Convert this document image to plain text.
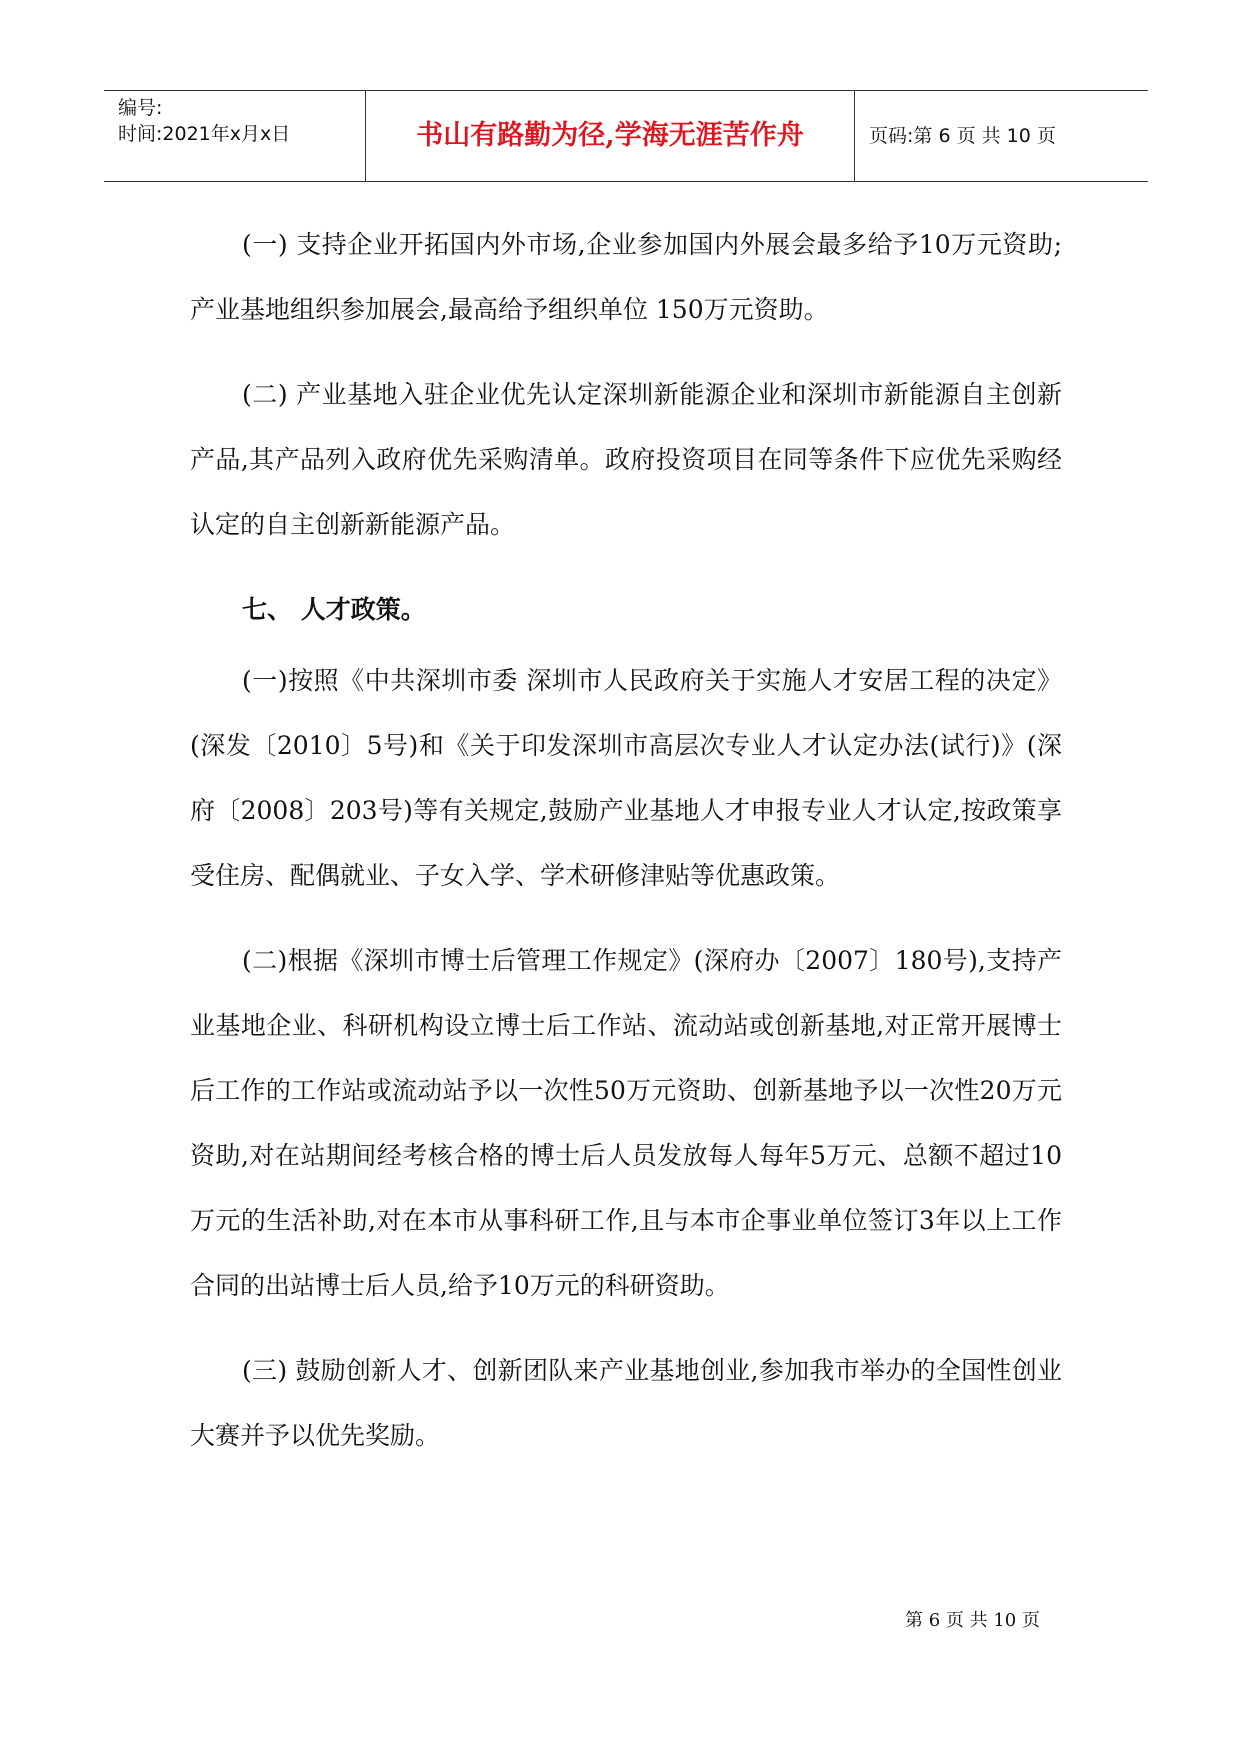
编号:
时间:2021年x月x日	书山有路勤为径,学海无涯苦作舟	页码:第 6 页 共 10 页

(一) 支持企业开拓国内外市场,企业参加国内外展会最多给予10万元资助;产业基地组织参加展会,最高给予组织单位 150万元资助。

(二) 产业基地入驻企业优先认定深圳新能源企业和深圳市新能源自主创新产品,其产品列入政府优先采购清单。政府投资项目在同等条件下应优先采购经认定的自主创新新能源产品。

七、 人才政策。

(一)按照《中共深圳市委 深圳市人民政府关于实施人才安居工程的决定》(深发〔2010〕5号)和《关于印发深圳市高层次专业人才认定办法(试行)》(深府〔2008〕203号)等有关规定,鼓励产业基地人才申报专业人才认定,按政策享受住房、配偶就业、子女入学、学术研修津贴等优惠政策。

(二)根据《深圳市博士后管理工作规定》(深府办〔2007〕180号),支持产业基地企业、科研机构设立博士后工作站、流动站或创新基地,对正常开展博士后工作的工作站或流动站予以一次性50万元资助、创新基地予以一次性20万元资助,对在站期间经考核合格的博士后人员发放每人每年5万元、总额不超过10万元的生活补助,对在本市从事科研工作,且与本市企事业单位签订3年以上工作合同的出站博士后人员,给予10万元的科研资助。

(三) 鼓励创新人才、创新团队来产业基地创业,参加我市举办的全国性创业大赛并予以优先奖励。

第 6 页 共 10 页
